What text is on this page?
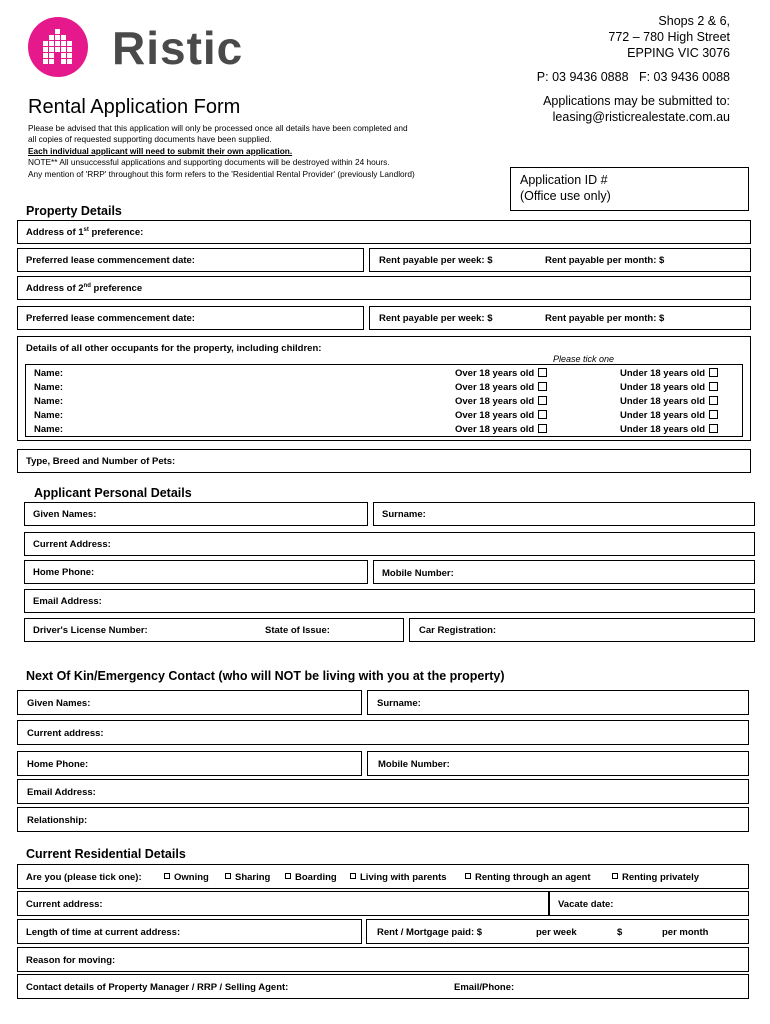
Ristic
Shops 2 & 6,
772 – 780 High Street
EPPING VIC 3076
P: 03 9436 0888   F: 03 9436 0088
Applications may be submitted to:
leasing@risticrealestate.com.au
Rental Application Form
Please be advised that this application will only be processed once all details have been completed and
all copies of requested supporting documents have been supplied.
Each individual applicant will need to submit their own application.
NOTE** All unsuccessful applications and supporting documents will be destroyed within 24 hours.
Any mention of 'RRP' throughout this form refers to the 'Residential Rental Provider' (previously Landlord)	Application ID #
(Office use only)
Property Details
Address of 1st preference:
Preferred lease commencement date:	Rent payable per week: $	Rent payable per month: $
Address of 2nd preference
Preferred lease commencement date:	Rent payable per week: $	Rent payable per month: $
Details of all other occupants for the property, including children:
Please tick one
Name:	Over 18 years old	Under 18 years old
Name:	Over 18 years old	Under 18 years old
Name:	Over 18 years old	Under 18 years old
Name:	Over 18 years old	Under 18 years old
Name:	Over 18 years old	Under 18 years old
Type, Breed and Number of Pets:
Applicant Personal Details
Given Names:	Surname:
Current Address:
Home Phone:	Mobile Number:
Email Address:
Driver's License Number:	State of Issue:	Car Registration:
Next Of Kin/Emergency Contact (who will NOT be living with you at the property)
Given Names:	Surname:
Current address:
Home Phone:	Mobile Number:
Email Address:
Relationship:
Current Residential Details
Are you (please tick one):	Owning	Sharing	Boarding	Living with parents	Renting through an agent	Renting privately
Current address:	Vacate date:
Length of time at current address:	Rent / Mortgage paid: $	per week	$	per month
Reason for moving:
Contact details of Property Manager / RRP / Selling Agent:	Email/Phone:
